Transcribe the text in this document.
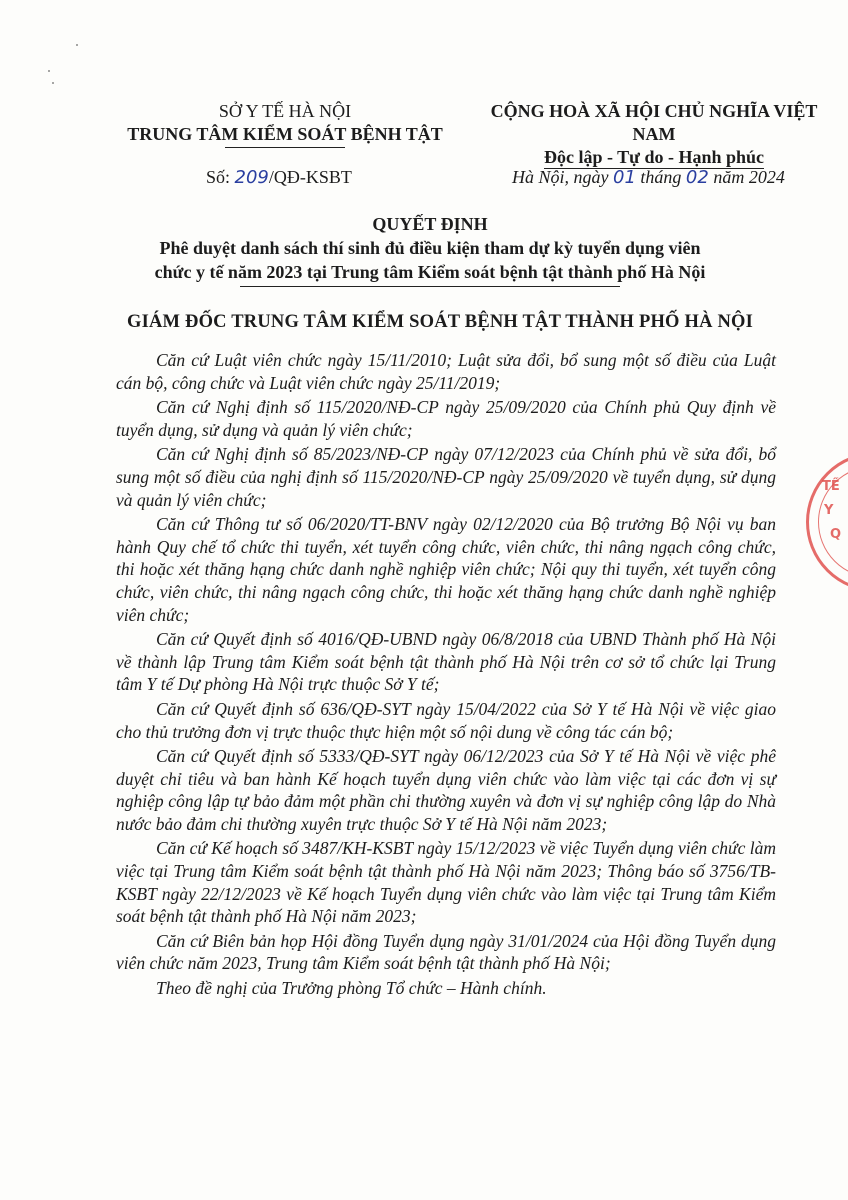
SỞ Y TẾ HÀ NỘI
TRUNG TÂM KIỂM SOÁT BỆNH TẬT
CỘNG HOÀ XÃ HỘI CHỦ NGHĨA VIỆT NAM
Độc lập - Tự do - Hạnh phúc
Số: 209/QĐ-KSBT	Hà Nội, ngày 01 tháng 02 năm 2024
QUYẾT ĐỊNH
Phê duyệt danh sách thí sinh đủ điều kiện tham dự kỳ tuyển dụng viên
chức y tế năm 2023 tại Trung tâm Kiểm soát bệnh tật thành phố Hà Nội
GIÁM ĐỐC TRUNG TÂM KIỂM SOÁT BỆNH TẬT THÀNH PHỐ HÀ NỘI

Căn cứ Luật viên chức ngày 15/11/2010; Luật sửa đổi, bổ sung một số điều của Luật cán bộ, công chức và Luật viên chức ngày 25/11/2019;

Căn cứ Nghị định số 115/2020/NĐ-CP ngày 25/09/2020 của Chính phủ Quy định về tuyển dụng, sử dụng và quản lý viên chức;

Căn cứ Nghị định số 85/2023/NĐ-CP ngày 07/12/2023 của Chính phủ về sửa đổi, bổ sung một số điều của nghị định số 115/2020/NĐ-CP ngày 25/09/2020 về tuyển dụng, sử dụng và quản lý viên chức;

Căn cứ Thông tư số 06/2020/TT-BNV ngày 02/12/2020 của Bộ trưởng Bộ Nội vụ ban hành Quy chế tổ chức thi tuyển, xét tuyển công chức, viên chức, thi nâng ngạch công chức, thi hoặc xét thăng hạng chức danh nghề nghiệp viên chức; Nội quy thi tuyển, xét tuyển công chức, viên chức, thi nâng ngạch công chức, thi hoặc xét thăng hạng chức danh nghề nghiệp viên chức;

Căn cứ Quyết định số 4016/QĐ-UBND ngày 06/8/2018 của UBND Thành phố Hà Nội về thành lập Trung tâm Kiểm soát bệnh tật thành phố Hà Nội trên cơ sở tổ chức lại Trung tâm Y tế Dự phòng Hà Nội trực thuộc Sở Y tế;

Căn cứ Quyết định số 636/QĐ-SYT ngày 15/04/2022 của Sở Y tế Hà Nội về việc giao cho thủ trưởng đơn vị trực thuộc thực hiện một số nội dung về công tác cán bộ;

Căn cứ Quyết định số 5333/QĐ-SYT ngày 06/12/2023 của Sở Y tế Hà Nội về việc phê duyệt chỉ tiêu và ban hành Kế hoạch tuyển dụng viên chức vào làm việc tại các đơn vị sự nghiệp công lập tự bảo đảm một phần chi thường xuyên và đơn vị sự nghiệp công lập do Nhà nước bảo đảm chi thường xuyên trực thuộc Sở Y tế Hà Nội năm 2023;

Căn cứ Kế hoạch số 3487/KH-KSBT ngày 15/12/2023 về việc Tuyển dụng viên chức làm việc tại Trung tâm Kiểm soát bệnh tật thành phố Hà Nội năm 2023; Thông báo số 3756/TB-KSBT ngày 22/12/2023 về Kế hoạch Tuyển dụng viên chức vào làm việc tại Trung tâm Kiểm soát bệnh tật thành phố Hà Nội năm 2023;

Căn cứ Biên bản họp Hội đồng Tuyển dụng ngày 31/01/2024 của Hội đồng Tuyển dụng viên chức năm 2023, Trung tâm Kiểm soát bệnh tật thành phố Hà Nội;

Theo đề nghị của Trưởng phòng Tổ chức – Hành chính.

TẾ
Y
Q
